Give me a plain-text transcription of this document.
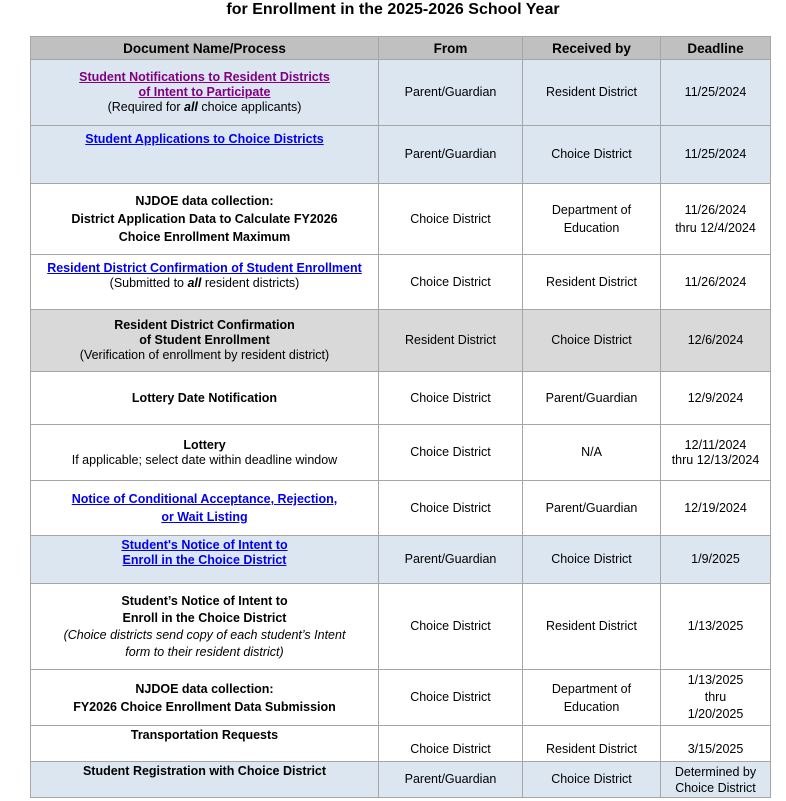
for Enrollment in the 2025-2026 School Year
Document Name/Process	From	Received by	Deadline
Student Notifications to Resident Districts
of Intent to Participate
(Required for all choice applicants)	Parent/Guardian	Resident District	11/25/2024
Student Applications to Choice Districts	Parent/Guardian	Choice District	11/25/2024
NJDOE data collection:
District Application Data to Calculate FY2026
Choice Enrollment Maximum	Choice District	Department of
Education	11/26/2024
thru 12/4/2024
Resident District Confirmation of Student Enrollment
(Submitted to all resident districts)	Choice District	Resident District	11/26/2024
Resident District Confirmation
of Student Enrollment
(Verification of enrollment by resident district)	Resident District	Choice District	12/6/2024
Lottery Date Notification	Choice District	Parent/Guardian	12/9/2024
Lottery
If applicable; select date within deadline window	Choice District	N/A	12/11/2024
thru 12/13/2024
Notice of Conditional Acceptance, Rejection,
or Wait Listing	Choice District	Parent/Guardian	12/19/2024
Student's Notice of Intent to
Enroll in the Choice District	Parent/Guardian	Choice District	1/9/2025
Student’s Notice of Intent to
Enroll in the Choice District
(Choice districts send copy of each student’s Intent
form to their resident district)	Choice District	Resident District	1/13/2025
NJDOE data collection:
FY2026 Choice Enrollment Data Submission	Choice District	Department of
Education	1/13/2025
thru
1/20/2025
Transportation Requests	Choice District	Resident District	3/15/2025
Student Registration with Choice District	Parent/Guardian	Choice District	Determined by
Choice District
